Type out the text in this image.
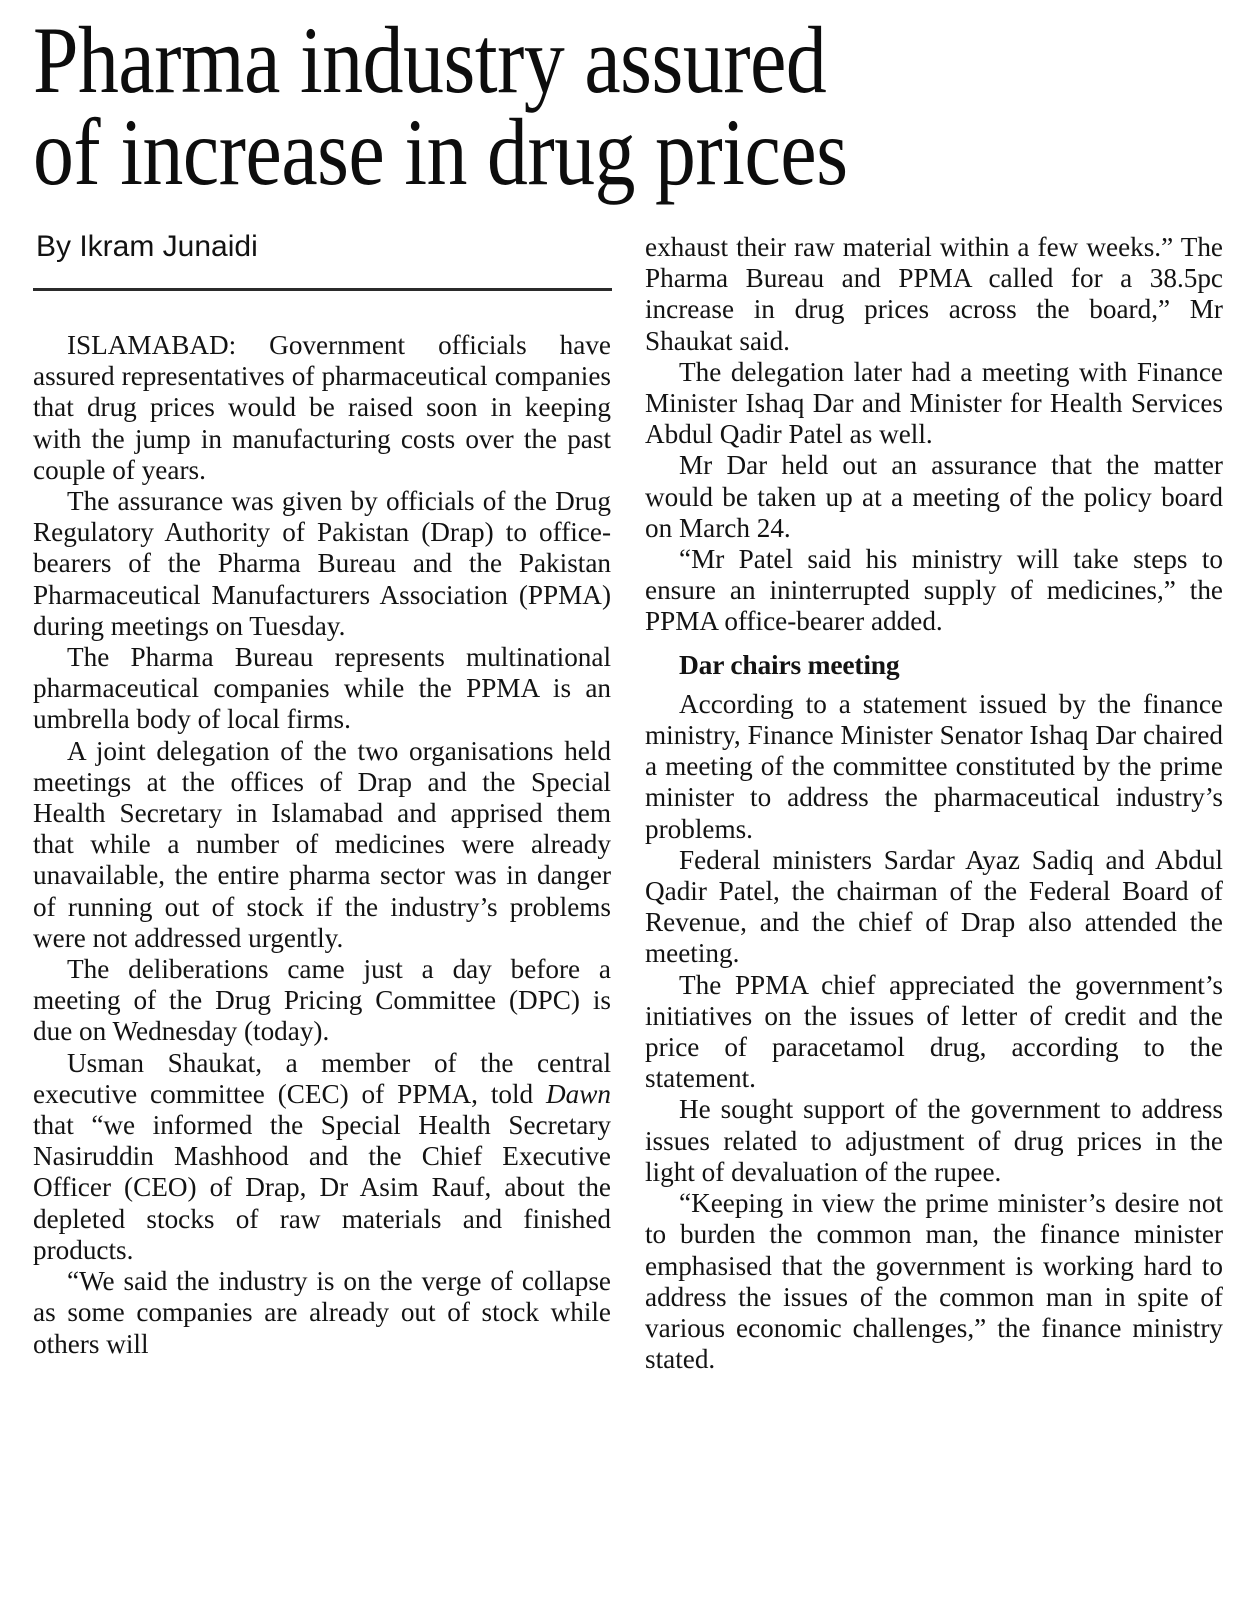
Pharma industry assured
of increase in drug prices
By Ikram Junaidi

ISLAMABAD: Government officials have assured representatives of pharmaceutical companies that drug prices would be raised soon in keeping with the jump in manufacturing costs over the past couple of years.

The assurance was given by officials of the Drug Regulatory Authority of Pakistan (Drap) to office-bearers of the Pharma Bureau and the Pakistan Pharmaceutical Manufacturers Association (PPMA) during meetings on Tuesday.

The Pharma Bureau represents multinational pharmaceutical companies while the PPMA is an umbrella body of local firms.

A joint delegation of the two organisations held meetings at the offices of Drap and the Special Health Secretary in Islamabad and apprised them that while a number of medicines were already unavailable, the entire pharma sector was in danger of running out of stock if the industry’s problems were not addressed urgently.

The deliberations came just a day before a meeting of the Drug Pricing Committee (DPC) is due on Wednesday (today).

Usman Shaukat, a member of the central executive committee (CEC) of PPMA, told Dawn that “we informed the Special Health Secretary Nasiruddin Mashhood and the Chief Executive Officer (CEO) of Drap, Dr Asim Rauf, about the depleted stocks of raw materials and finished products.

“We said the industry is on the verge of collapse as some companies are already out of stock while others will

exhaust their raw material within a few weeks.” The Pharma Bureau and PPMA called for a 38.5pc increase in drug prices across the board,” Mr Shaukat said.

The delegation later had a meeting with Finance Minister Ishaq Dar and Minister for Health Services Abdul Qadir Patel as well.

Mr Dar held out an assurance that the matter would be taken up at a meeting of the policy board on March 24.

“Mr Patel said his ministry will take steps to ensure an ininterrupted supply of medicines,” the PPMA office-bearer added.

Dar chairs meeting

According to a statement issued by the finance ministry, Finance Minister Senator Ishaq Dar chaired a meeting of the committee constituted by the prime minister to address the pharmaceutical industry’s problems.

Federal ministers Sardar Ayaz Sadiq and Abdul Qadir Patel, the chairman of the Federal Board of Revenue, and the chief of Drap also attended the meeting.

The PPMA chief appreciated the government’s initiatives on the issues of letter of credit and the price of paracetamol drug, according to the statement.

He sought support of the government to address issues related to adjustment of drug prices in the light of devaluation of the rupee.

“Keeping in view the prime minister’s desire not to burden the common man, the finance minister emphasised that the government is working hard to address the issues of the common man in spite of various economic challenges,” the finance ministry stated.
